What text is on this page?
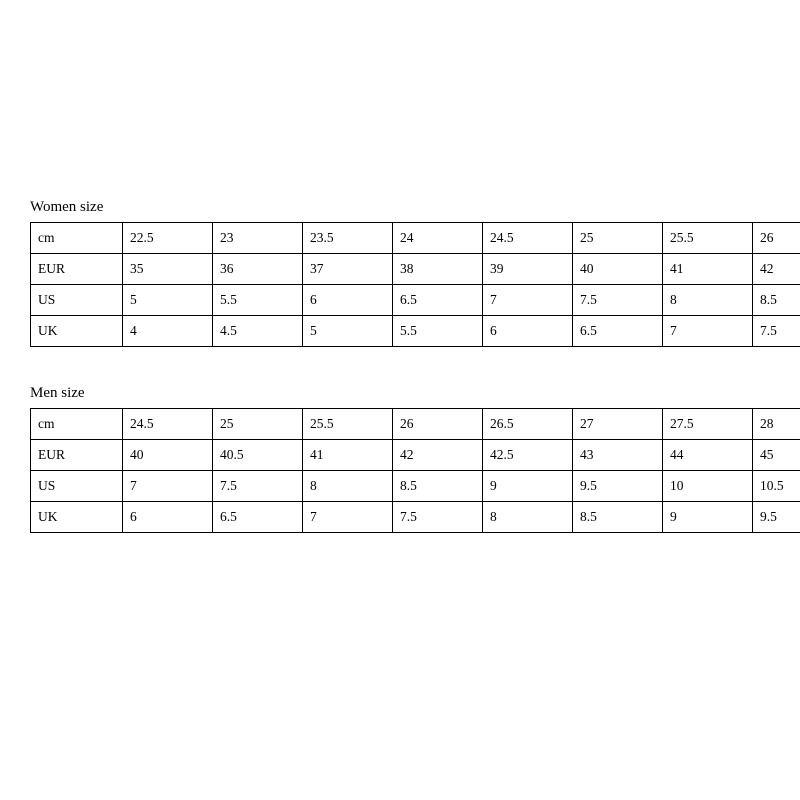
Women size
cm	22.5	23	23.5	24	24.5	25	25.5	26
EUR	35	36	37	38	39	40	41	42
US	5	5.5	6	6.5	7	7.5	8	8.5
UK	4	4.5	5	5.5	6	6.5	7	7.5
Men size
cm	24.5	25	25.5	26	26.5	27	27.5	28
EUR	40	40.5	41	42	42.5	43	44	45
US	7	7.5	8	8.5	9	9.5	10	10.5
UK	6	6.5	7	7.5	8	8.5	9	9.5
